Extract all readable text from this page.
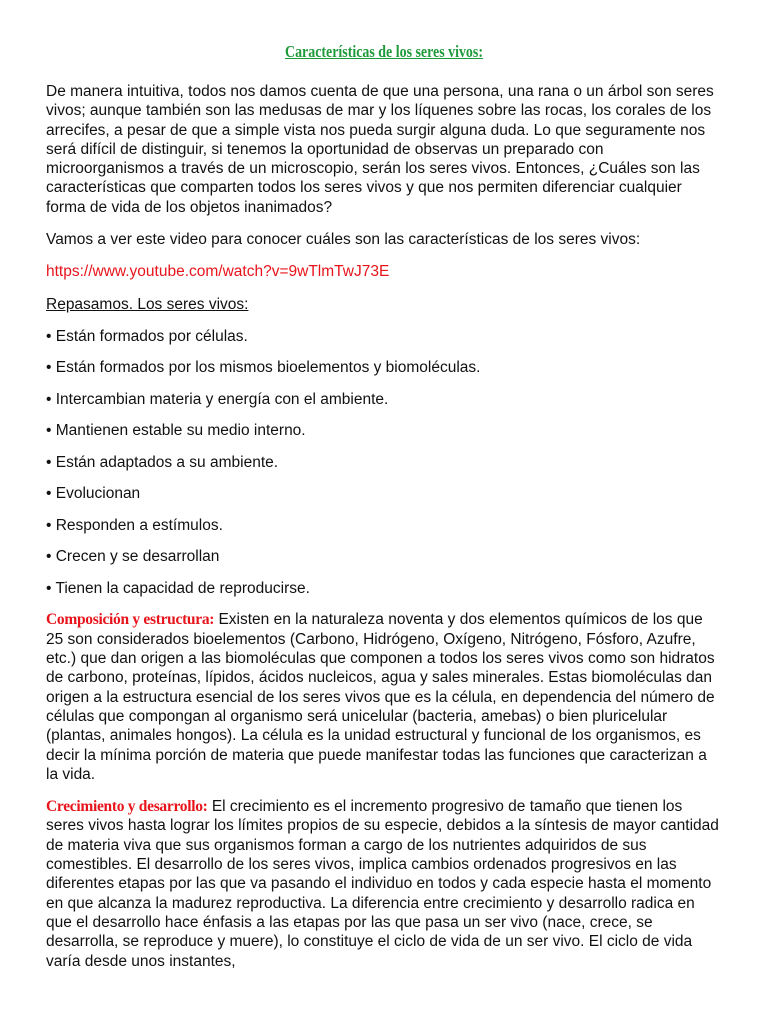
Características de los seres vivos:

De manera intuitiva, todos nos damos cuenta de que una persona, una rana o un árbol son seres vivos; aunque también son las medusas de mar y los líquenes sobre las rocas, los corales de los arrecifes, a pesar de que a simple vista nos pueda surgir alguna duda. Lo que seguramente nos será difícil de distinguir, si tenemos la oportunidad de observas un preparado con microorganismos a través de un microscopio, serán los seres vivos. Entonces, ¿Cuáles son las características que comparten todos los seres vivos y que nos permiten diferenciar cualquier forma de vida de los objetos inanimados?

Vamos a ver este video para conocer cuáles son las características de los seres vivos:

https://www.youtube.com/watch?v=9wTlmTwJ73E

Repasamos. Los seres vivos:

• Están formados por células.

• Están formados por los mismos bioelementos y biomoléculas.

• Intercambian materia y energía con el ambiente.

• Mantienen estable su medio interno.

• Están adaptados a su ambiente.

• Evolucionan

• Responden a estímulos.

• Crecen y se desarrollan

• Tienen la capacidad de reproducirse.

Composición y estructura: Existen en la naturaleza noventa y dos elementos químicos de los que 25 son considerados bioelementos (Carbono, Hidrógeno, Oxígeno, Nitrógeno, Fósforo, Azufre, etc.) que dan origen a las biomoléculas que componen a todos los seres vivos como son hidratos de carbono, proteínas, lípidos, ácidos nucleicos, agua y sales minerales. Estas biomoléculas dan origen a la estructura esencial de los seres vivos que es la célula, en dependencia del número de células que compongan al organismo será unicelular (bacteria, amebas) o bien pluricelular (plantas, animales hongos). La célula es la unidad estructural y funcional de los organismos, es decir la mínima porción de materia que puede manifestar todas las funciones que caracterizan a la vida.

Crecimiento y desarrollo: El crecimiento es el incremento progresivo de tamaño que tienen los seres vivos hasta lograr los límites propios de su especie, debidos a la síntesis de mayor cantidad de materia viva que sus organismos forman a cargo de los nutrientes adquiridos de sus comestibles. El desarrollo de los seres vivos, implica cambios ordenados progresivos en las diferentes etapas por las que va pasando el individuo en todos y cada especie hasta el momento en que alcanza la madurez reproductiva. La diferencia entre crecimiento y desarrollo radica en que el desarrollo hace énfasis a las etapas por las que pasa un ser vivo (nace, crece, se desarrolla, se reproduce y muere), lo constituye el ciclo de vida de un ser vivo. El ciclo de vida varía desde unos instantes,
